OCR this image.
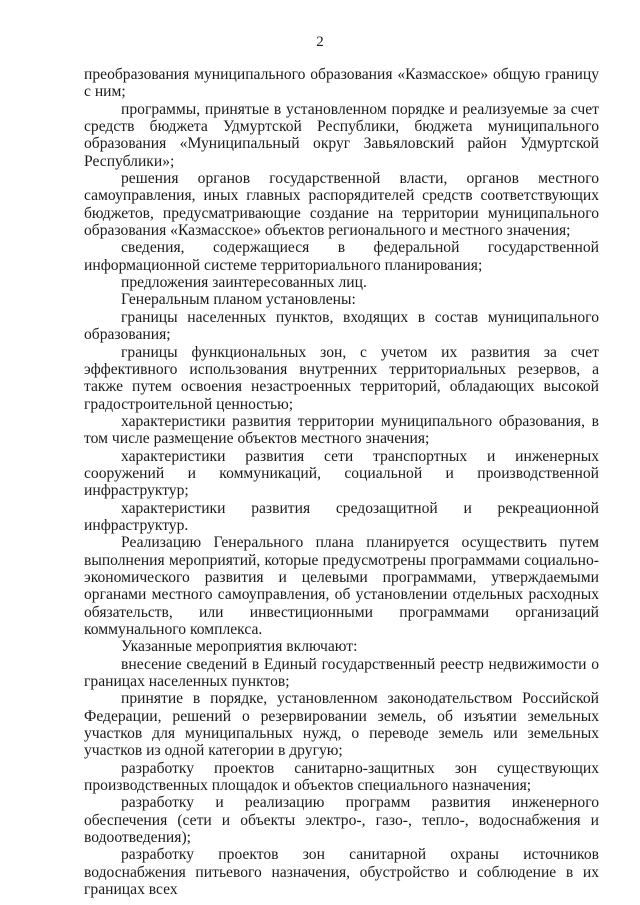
2

преобразования муниципального образования «Казмасское» общую границу с ним;

программы, принятые в установленном порядке и реализуемые за счет средств бюджета Удмуртской Республики, бюджета муниципального образования «Муниципальный округ Завьяловский район Удмуртской Республики»;

решения органов государственной власти, органов местного самоуправления, иных главных распорядителей средств соответствующих бюджетов, предусматривающие создание на территории муниципального образования «Казмасское» объектов регионального и местного значения;

сведения, содержащиеся в федеральной государственной информационной системе территориального планирования;

предложения заинтересованных лиц.

Генеральным планом установлены:

границы населенных пунктов, входящих в состав муниципального образования;

границы функциональных зон, с учетом их развития за счет эффективного использования внутренних территориальных резервов, а также путем освоения незастроенных территорий, обладающих высокой градостроительной ценностью;

характеристики развития территории муниципального образования, в том числе размещение объектов местного значения;

характеристики развития сети транспортных и инженерных сооружений и коммуникаций, социальной и производственной инфраструктур;

характеристики развития средозащитной и рекреационной инфраструктур.

Реализацию Генерального плана планируется осуществить путем выполнения мероприятий, которые предусмотрены программами социально-экономического развития и целевыми программами, утверждаемыми органами местного самоуправления, об установлении отдельных расходных обязательств, или инвестиционными программами организаций коммунального комплекса.

Указанные мероприятия включают:

внесение сведений в Единый государственный реестр недвижимости о границах населенных пунктов;

принятие в порядке, установленном законодательством Российской Федерации, решений о резервировании земель, об изъятии земельных участков для муниципальных нужд, о переводе земель или земельных участков из одной категории в другую;

разработку проектов санитарно-защитных зон существующих производственных площадок и объектов специального назначения;

разработку и реализацию программ развития инженерного обеспечения (сети и объекты электро-, газо-, тепло-, водоснабжения и водоотведения);

разработку проектов зон санитарной охраны источников водоснабжения питьевого назначения, обустройство и соблюдение в их границах всех
